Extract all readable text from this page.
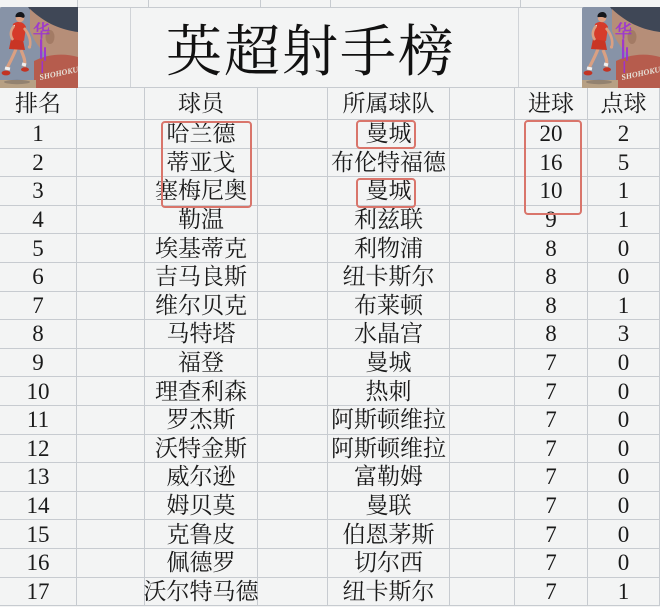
英超射手榜
排名	球员	所属球队	进球	点球
1	哈兰德	曼城	20	2
2	蒂亚戈	布伦特福德	16	5
3	塞梅尼奥	曼城	10	1
4	勒温	利兹联	9	1
5	埃基蒂克	利物浦	8	0
6	吉马良斯	纽卡斯尔	8	0
7	维尔贝克	布莱顿	8	1
8	马特塔	水晶宫	8	3
9	福登	曼城	7	0
10	理查利森	热刺	7	0
11	罗杰斯	阿斯顿维拉	7	0
12	沃特金斯	阿斯顿维拉	7	0
13	威尔逊	富勒姆	7	0
14	姆贝莫	曼联	7	0
15	克鲁皮	伯恩茅斯	7	0
16	佩德罗	切尔西	7	0
17	沃尔特马德	纽卡斯尔	7	1
